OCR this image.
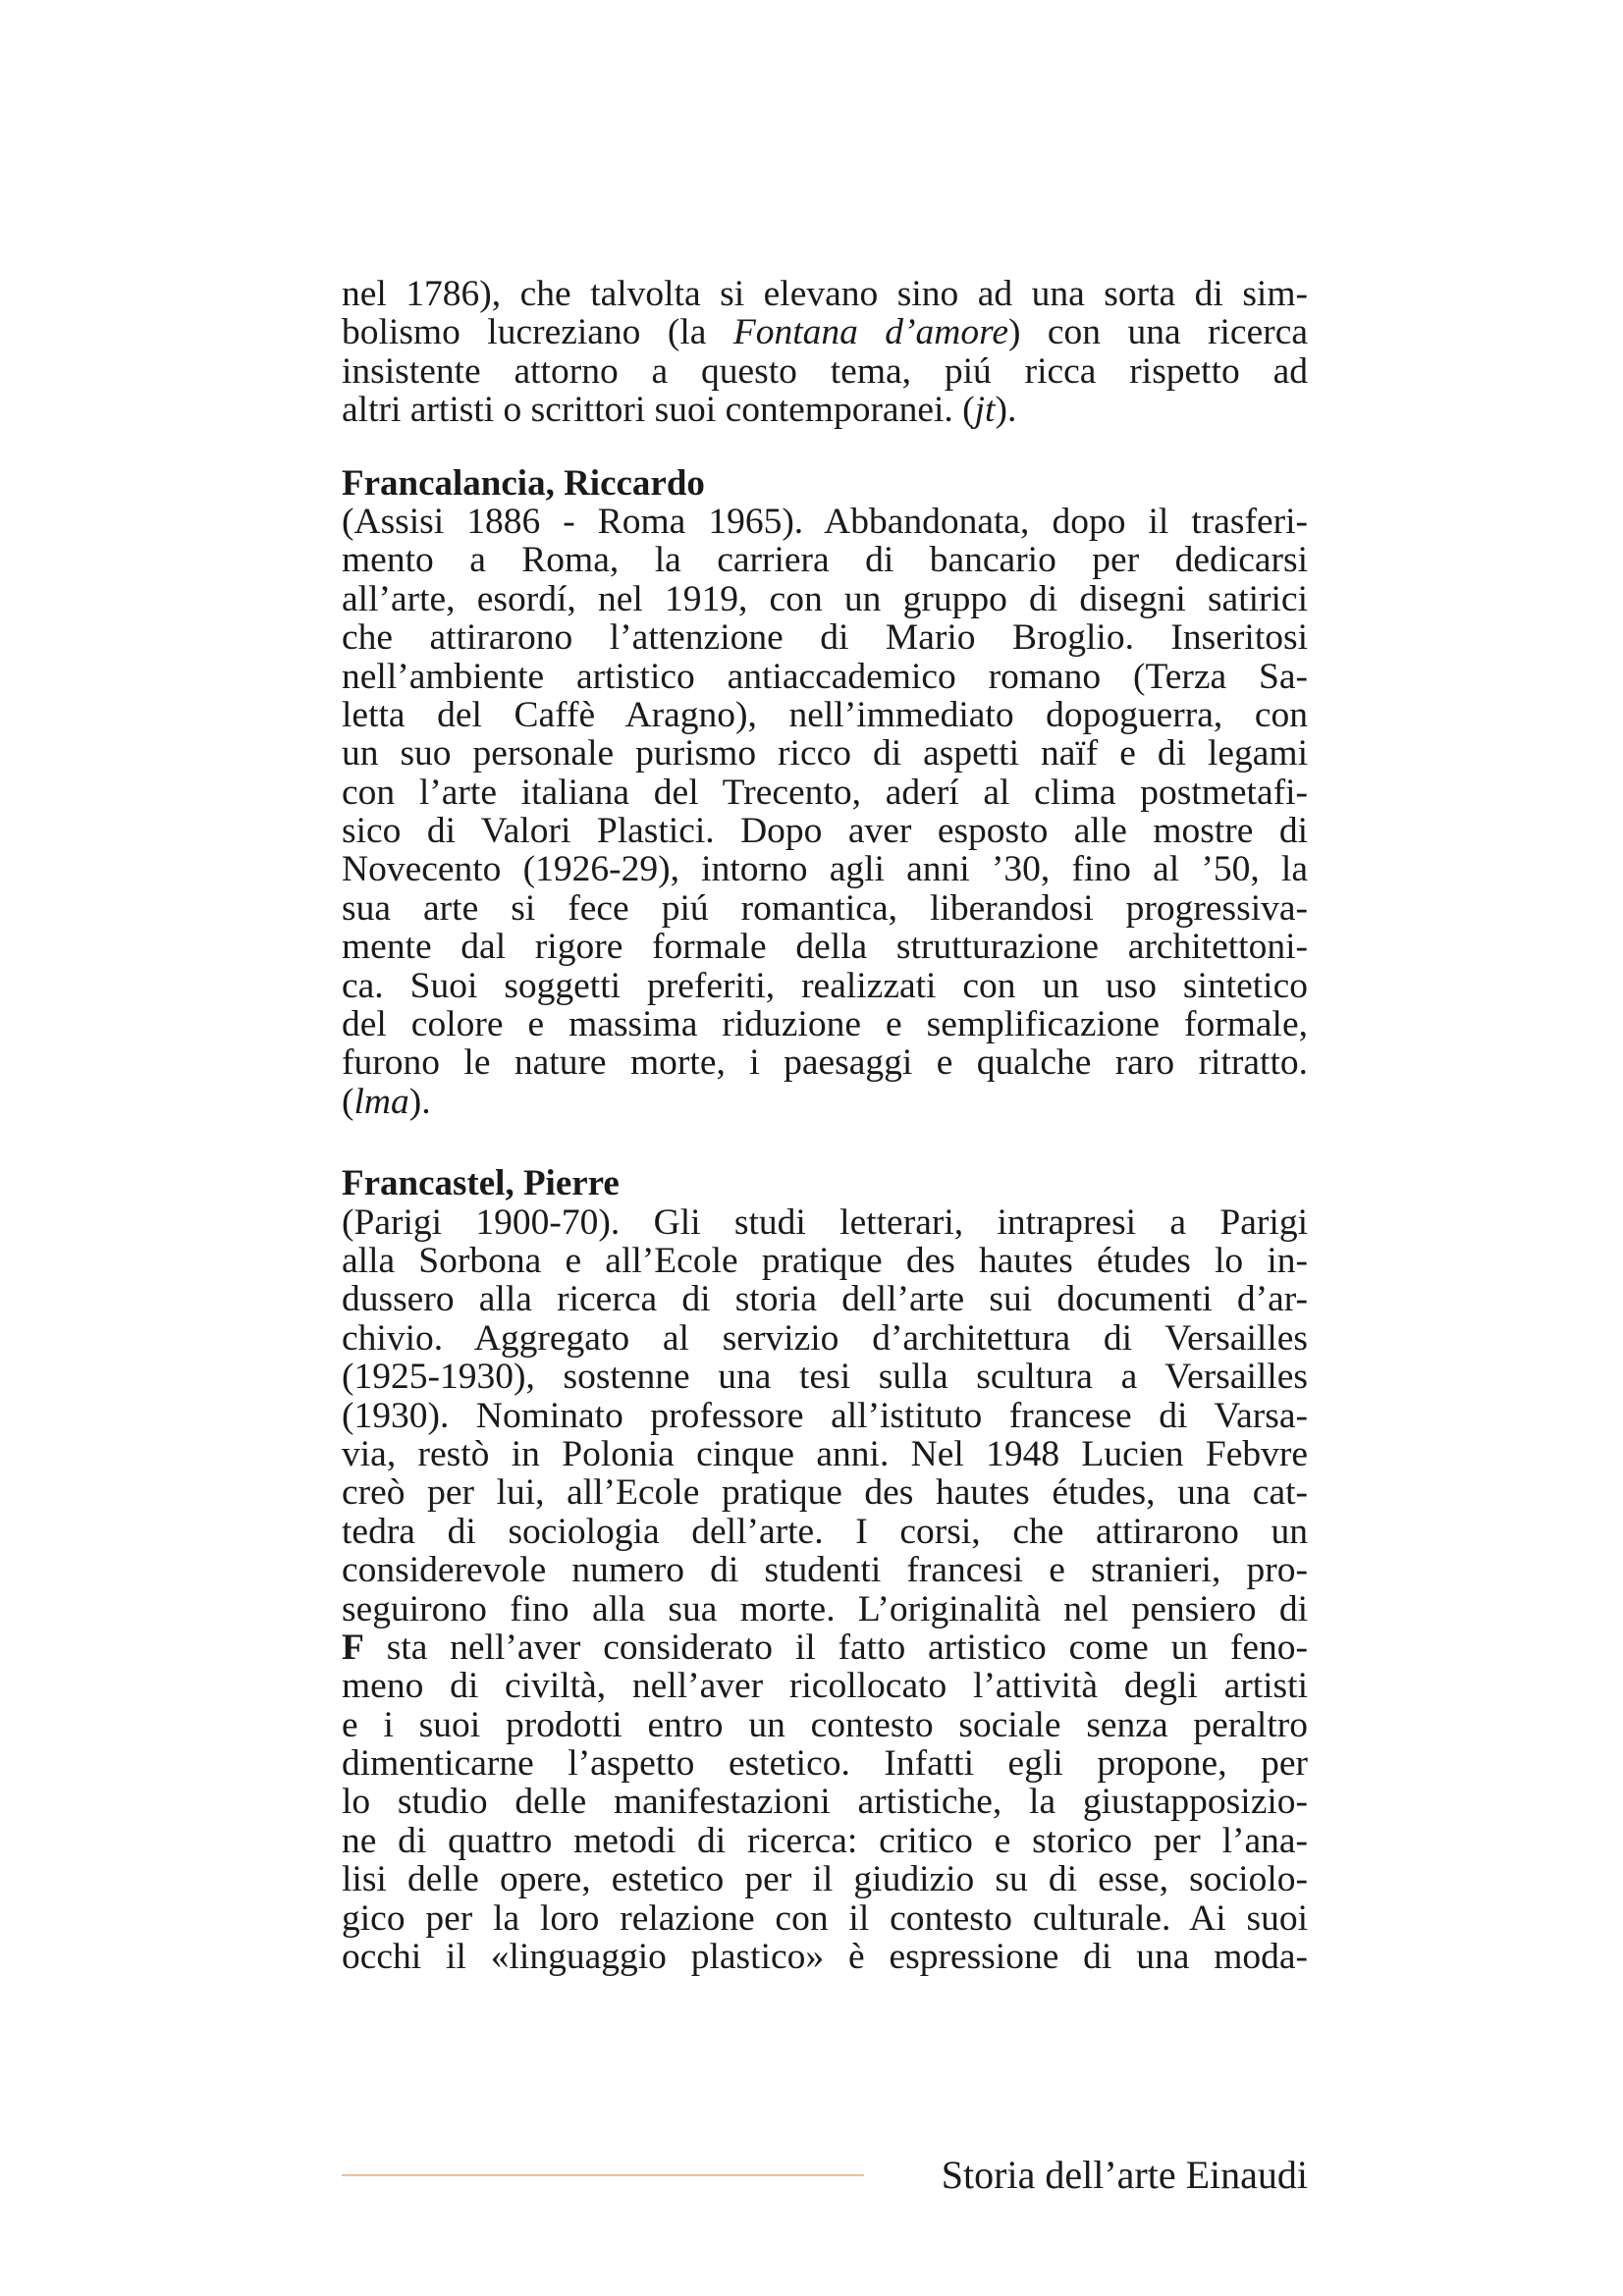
nel 1786), che talvolta si elevano sino ad una sorta di sim-
bolismo lucreziano (la Fontana d’amore) con una ricerca
insistente attorno a questo tema, piú ricca rispetto ad
altri artisti o scrittori suoi contemporanei. (jt).
Francalancia, Riccardo
(Assisi 1886 - Roma 1965). Abbandonata, dopo il trasferi-
mento a Roma, la carriera di bancario per dedicarsi
all’arte, esordí, nel 1919, con un gruppo di disegni satirici
che attirarono l’attenzione di Mario Broglio. Inseritosi
nell’ambiente artistico antiaccademico romano (Terza Sa-
letta del Caffè Aragno), nell’immediato dopoguerra, con
un suo personale purismo ricco di aspetti naïf e di legami
con l’arte italiana del Trecento, aderí al clima postmetafi-
sico di Valori Plastici. Dopo aver esposto alle mostre di
Novecento (1926-29), intorno agli anni ’30, fino al ’50, la
sua arte si fece piú romantica, liberandosi progressiva-
mente dal rigore formale della strutturazione architettoni-
ca. Suoi soggetti preferiti, realizzati con un uso sintetico
del colore e massima riduzione e semplificazione formale,
furono le nature morte, i paesaggi e qualche raro ritratto.
(lma).
Francastel, Pierre
(Parigi 1900-70). Gli studi letterari, intrapresi a Parigi
alla Sorbona e all’Ecole pratique des hautes études lo in-
dussero alla ricerca di storia dell’arte sui documenti d’ar-
chivio. Aggregato al servizio d’architettura di Versailles
(1925-1930), sostenne una tesi sulla scultura a Versailles
(1930). Nominato professore all’istituto francese di Varsa-
via, restò in Polonia cinque anni. Nel 1948 Lucien Febvre
creò per lui, all’Ecole pratique des hautes études, una cat-
tedra di sociologia dell’arte. I corsi, che attirarono un
considerevole numero di studenti francesi e stranieri, pro-
seguirono fino alla sua morte. L’originalità nel pensiero di
F sta nell’aver considerato il fatto artistico come un feno-
meno di civiltà, nell’aver ricollocato l’attività degli artisti
e i suoi prodotti entro un contesto sociale senza peraltro
dimenticarne l’aspetto estetico. Infatti egli propone, per
lo studio delle manifestazioni artistiche, la giustapposizio-
ne di quattro metodi di ricerca: critico e storico per l’ana-
lisi delle opere, estetico per il giudizio su di esse, sociolo-
gico per la loro relazione con il contesto culturale. Ai suoi
occhi il «linguaggio plastico» è espressione di una moda-
Storia dell’arte Einaudi
